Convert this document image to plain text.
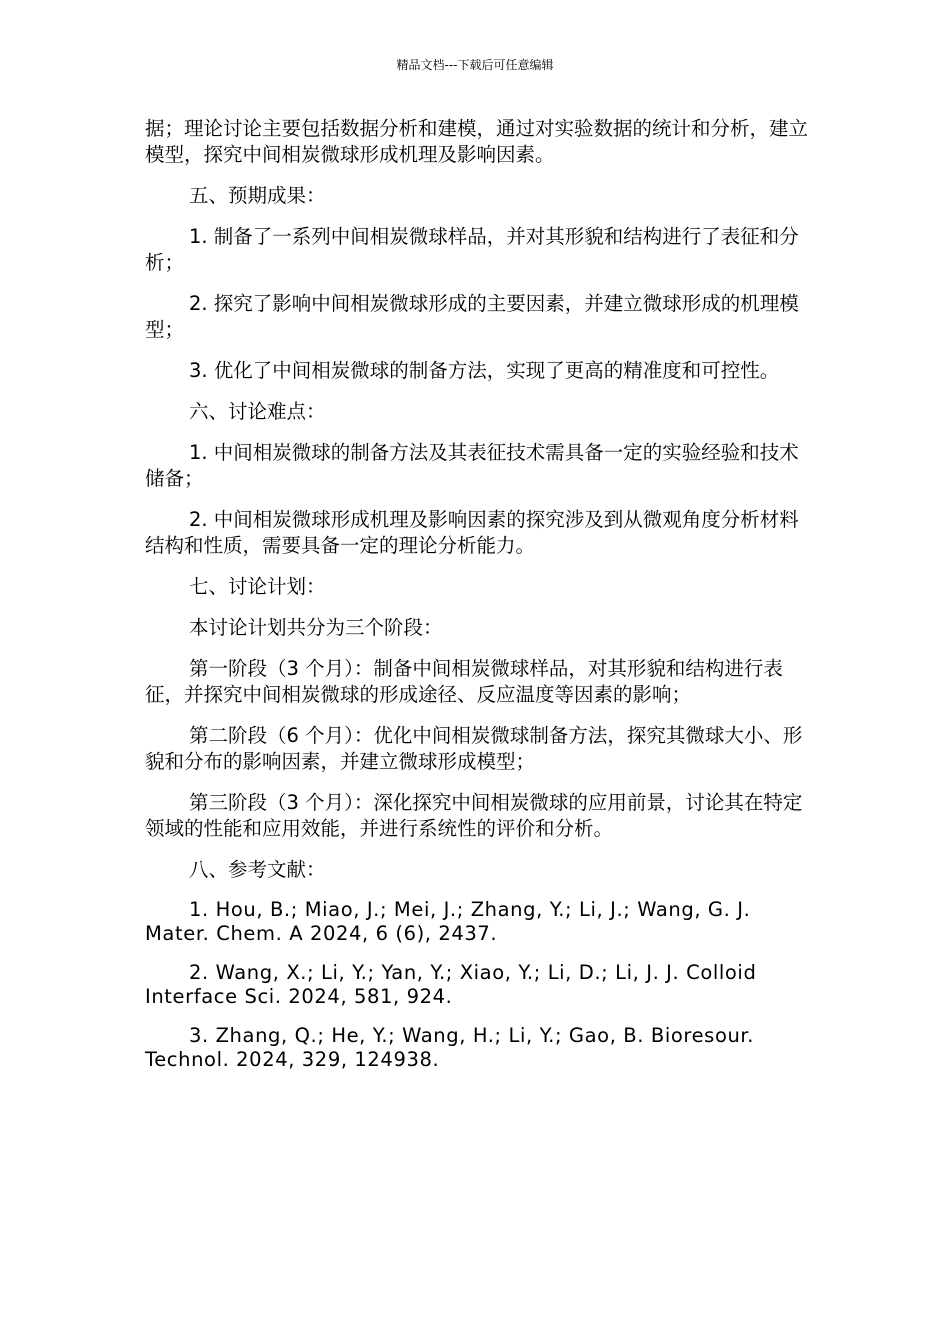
精品文档---下载后可任意编辑

据；理论讨论主要包括数据分析和建模，通过对实验数据的统计和分析，建立模型，探究中间相炭微球形成机理及影响因素。

五、预期成果：

1. 制备了一系列中间相炭微球样品，并对其形貌和结构进行了表征和分析；

2. 探究了影响中间相炭微球形成的主要因素，并建立微球形成的机理模型；

3. 优化了中间相炭微球的制备方法，实现了更高的精准度和可控性。

六、讨论难点：

1. 中间相炭微球的制备方法及其表征技术需具备一定的实验经验和技术储备；

2. 中间相炭微球形成机理及影响因素的探究涉及到从微观角度分析材料结构和性质，需要具备一定的理论分析能力。

七、讨论计划：

本讨论计划共分为三个阶段：

第一阶段（3 个月）：制备中间相炭微球样品，对其形貌和结构进行表征，并探究中间相炭微球的形成途径、反应温度等因素的影响；

第二阶段（6 个月）：优化中间相炭微球制备方法，探究其微球大小、形貌和分布的影响因素，并建立微球形成模型；

第三阶段（3 个月）：深化探究中间相炭微球的应用前景，讨论其在特定领域的性能和应用效能，并进行系统性的评价和分析。

八、参考文献：

1. Hou, B.; Miao, J.; Mei, J.; Zhang, Y.; Li, J.; Wang, G. J. Mater. Chem. A 2024, 6 (6), 2437.

2. Wang, X.; Li, Y.; Yan, Y.; Xiao, Y.; Li, D.; Li, J. J. Colloid Interface Sci. 2024, 581, 924.

3. Zhang, Q.; He, Y.; Wang, H.; Li, Y.; Gao, B. Bioresour. Technol. 2024, 329, 124938.
